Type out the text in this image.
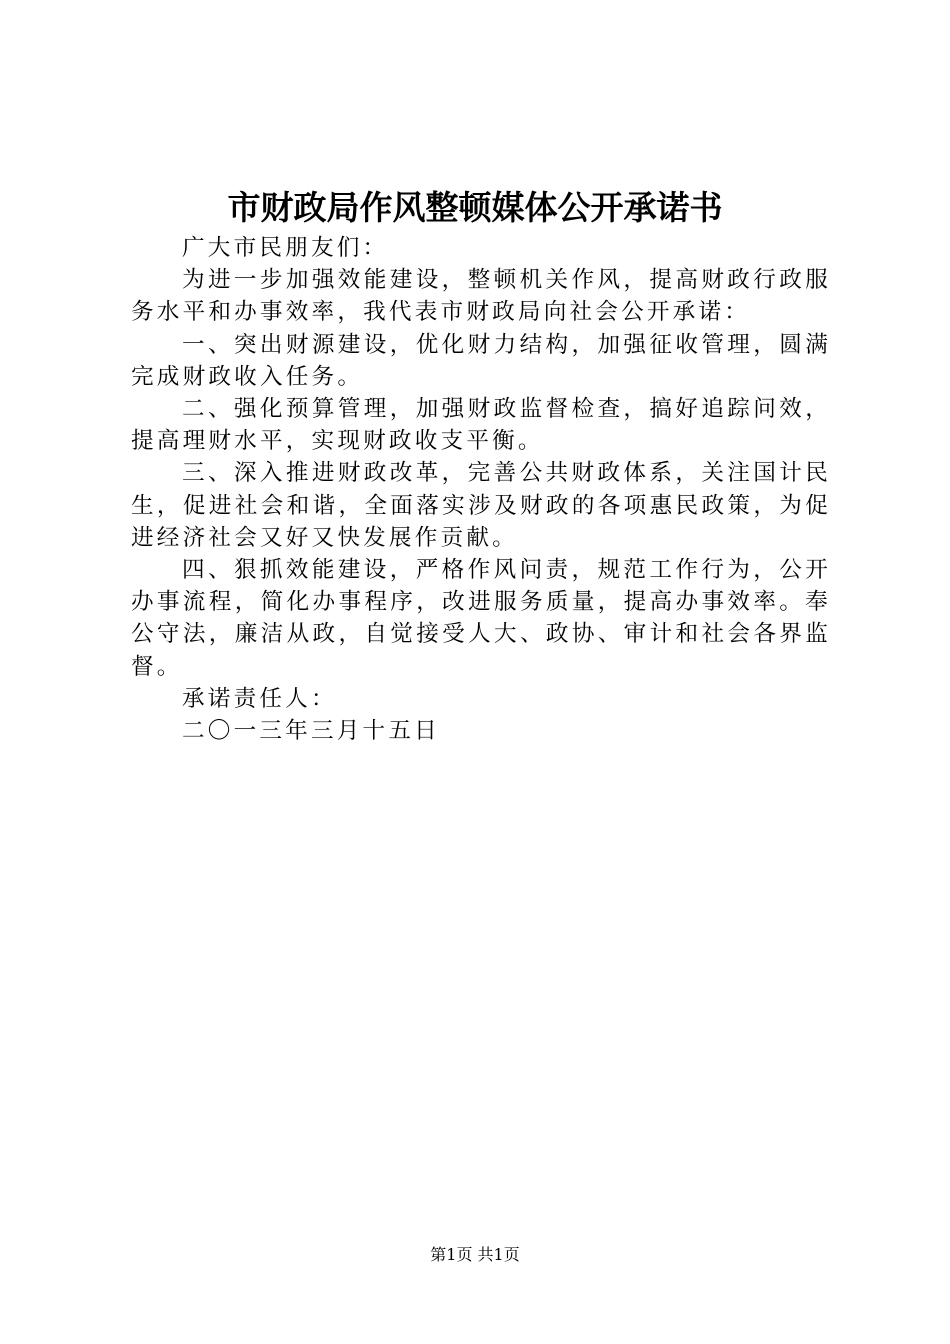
市财政局作风整顿媒体公开承诺书

广大市民朋友们：

为进一步加强效能建设，整顿机关作风，提高财政行政服务水平和办事效率，我代表市财政局向社会公开承诺：

一、突出财源建设，优化财力结构，加强征收管理，圆满完成财政收入任务。

二、强化预算管理，加强财政监督检查，搞好追踪问效，提高理财水平，实现财政收支平衡。

三、深入推进财政改革，完善公共财政体系，关注国计民生，促进社会和谐，全面落实涉及财政的各项惠民政策，为促进经济社会又好又快发展作贡献。

四、狠抓效能建设，严格作风问责，规范工作行为，公开办事流程，简化办事程序，改进服务质量，提高办事效率。奉公守法，廉洁从政，自觉接受人大、政协、审计和社会各界监督。

承诺责任人：

二〇一三年三月十五日

第1页 共1页
